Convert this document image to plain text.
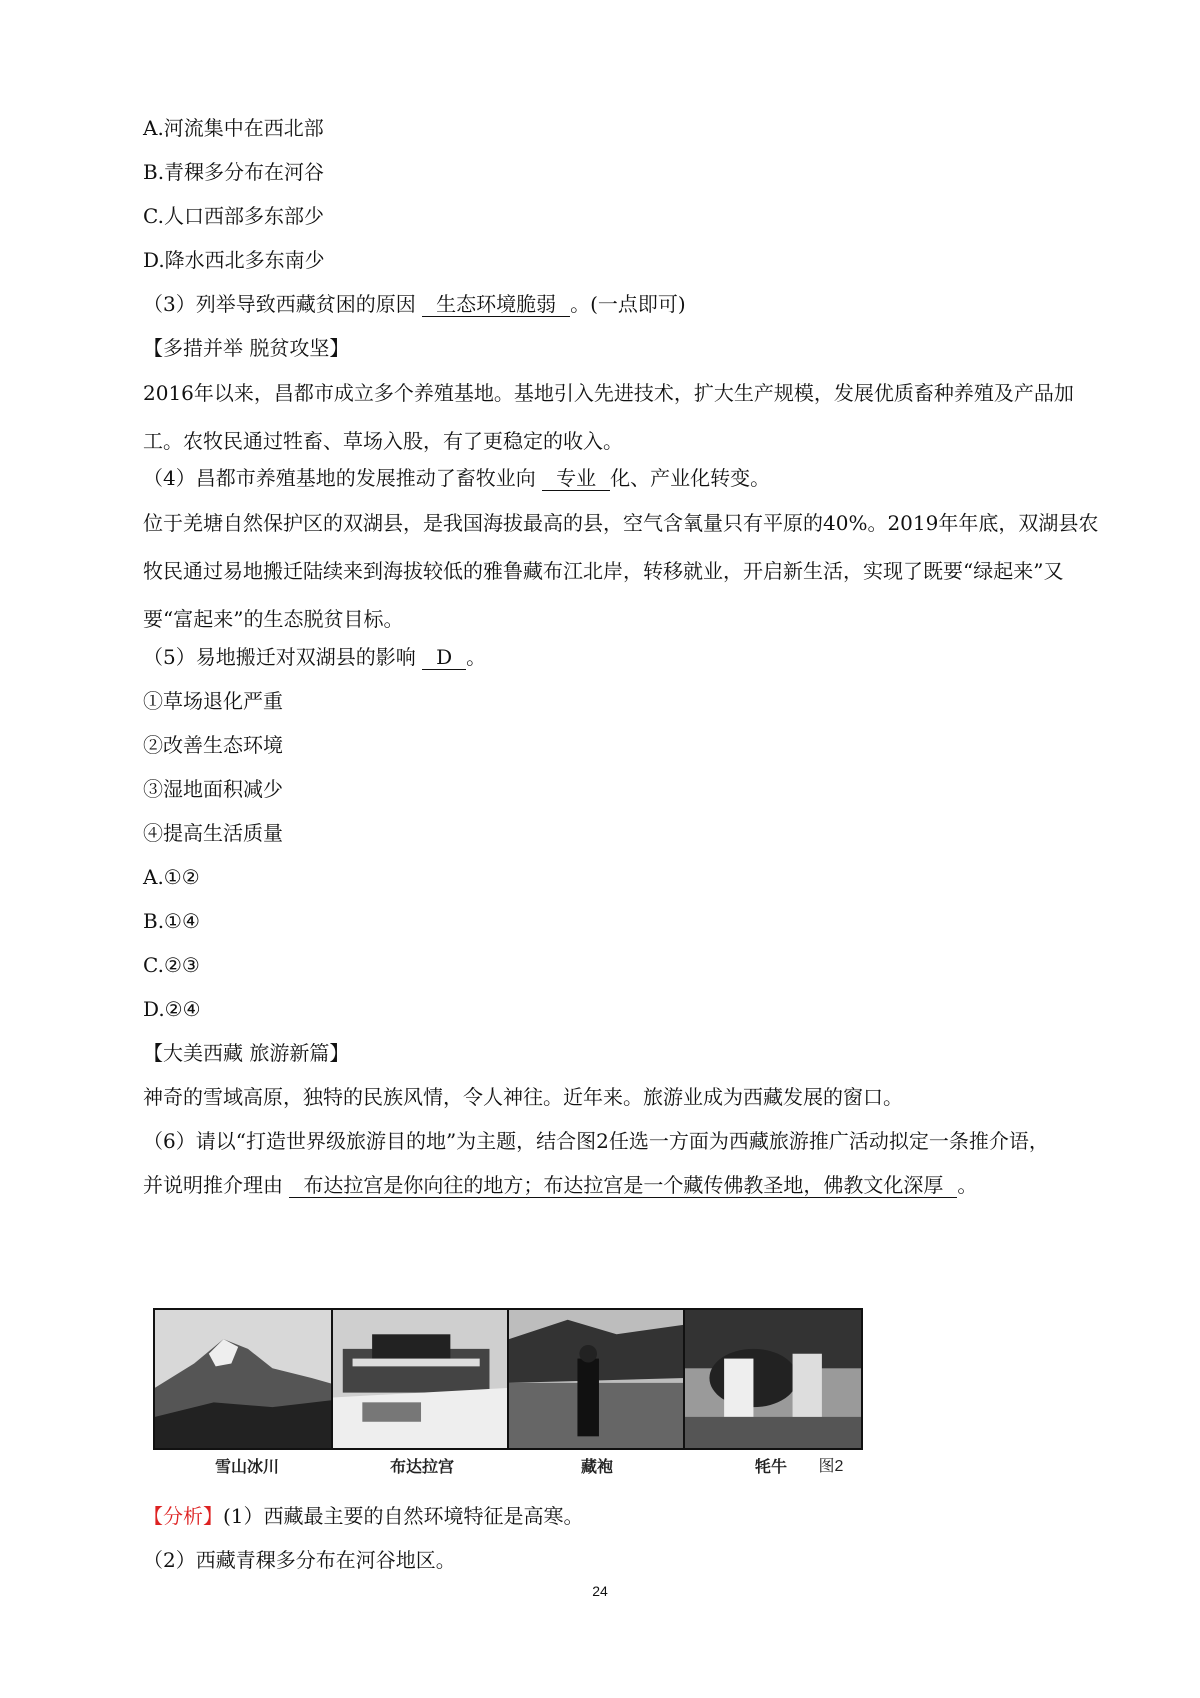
A.河流集中在西北部
B.青稞多分布在河谷
C.人口西部多东部少
D.降水西北多东南少
（3）列举导致西藏贫困的原因 生态环境脆弱 。(一点即可)
【多措并举 脱贫攻坚】
2016年以来，昌都市成立多个养殖基地。基地引入先进技术，扩大生产规模，发展优质畜种养殖及产品加工。农牧民通过牲畜、草场入股，有了更稳定的收入。
（4）昌都市养殖基地的发展推动了畜牧业向 专业 化、产业化转变。
位于羌塘自然保护区的双湖县，是我国海拔最高的县，空气含氧量只有平原的40%。2019年年底，双湖县农牧民通过易地搬迁陆续来到海拔较低的雅鲁藏布江北岸，转移就业，开启新生活，实现了既要“绿起来”又要“富起来”的生态脱贫目标。
（5）易地搬迁对双湖县的影响 D 。
①草场退化严重
②改善生态环境
③湿地面积减少
④提高生活质量
A.①②
B.①④
C.②③
D.②④
【大美西藏 旅游新篇】
神奇的雪域高原，独特的民族风情，令人神往。近年来。旅游业成为西藏发展的窗口。
（6）请以“打造世界级旅游目的地”为主题，结合图2任选一方面为西藏旅游推广活动拟定一条推介语，
并说明推介理由 布达拉宫是你向往的地方；布达拉宫是一个藏传佛教圣地，佛教文化深厚 。
雪山冰川	布达拉宫	藏袍	牦牛	图2
【分析】(1）西藏最主要的自然环境特征是高寒。
（2）西藏青稞多分布在河谷地区。
24
